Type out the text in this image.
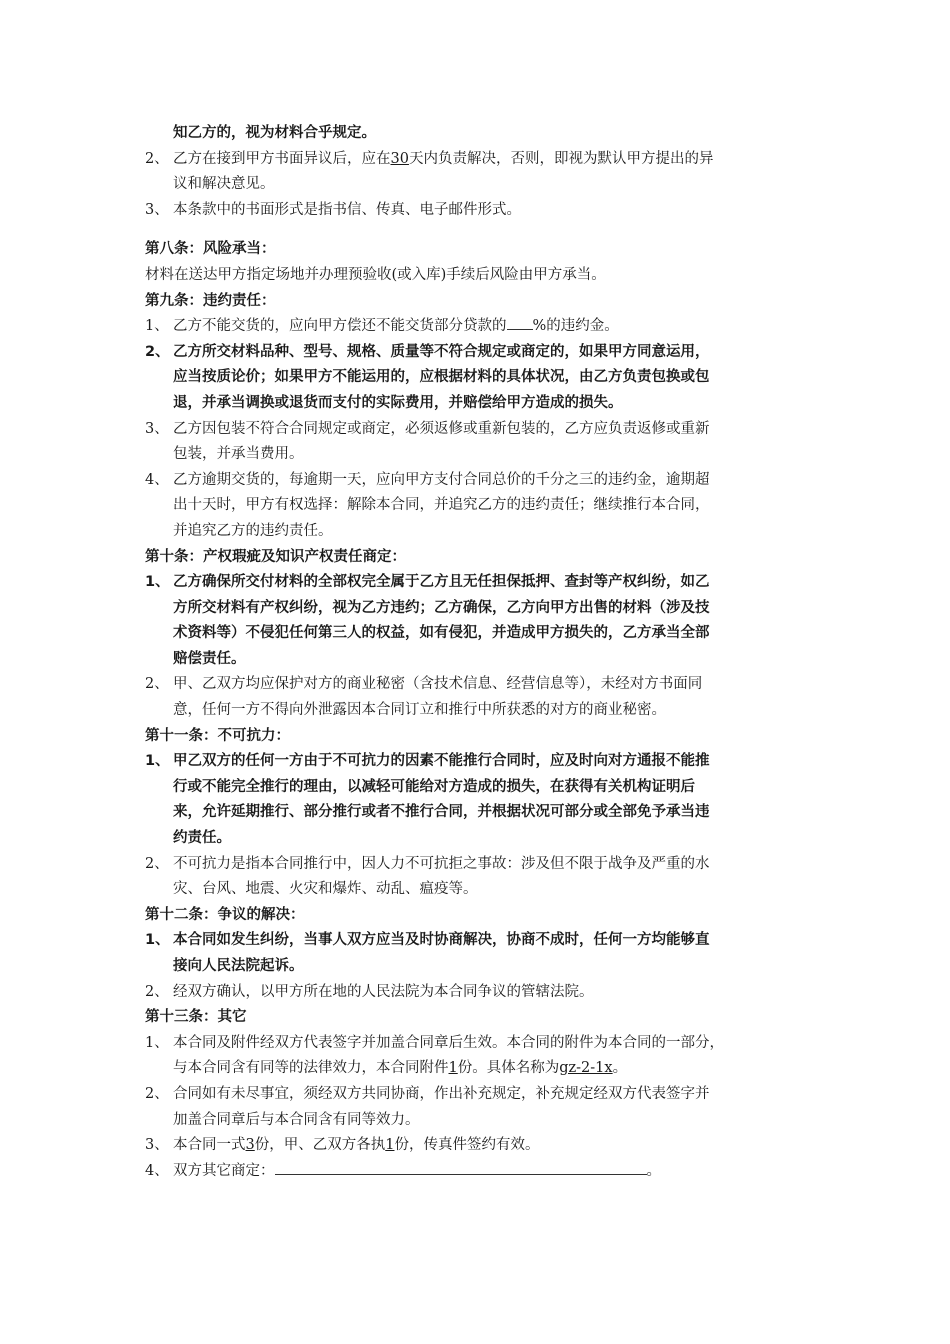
知乙方的，视为材料合乎规定。
2、 乙方在接到甲方书面异议后，应在30天内负责解决，否则，即视为默认甲方提出的异
议和解决意见。
3、 本条款中的书面形式是指书信、传真、电子邮件形式。
第八条：风险承当：
材料在送达甲方指定场地并办理预验收(或入库)手续后风险由甲方承当。
第九条：违约责任：
1、 乙方不能交货的，应向甲方偿还不能交货部分贷款的 %的违约金。
2、 乙方所交材料品种、型号、规格、质量等不符合规定或商定的，如果甲方同意运用，
应当按质论价；如果甲方不能运用的，应根据材料的具体状况，由乙方负责包换或包
退，并承当调换或退货而支付的实际费用，并赔偿给甲方造成的损失。
3、 乙方因包装不符合合同规定或商定，必须返修或重新包装的，乙方应负责返修或重新
包装，并承当费用。
4、 乙方逾期交货的，每逾期一天，应向甲方支付合同总价的千分之三的违约金，逾期超
出十天时，甲方有权选择：解除本合同，并追究乙方的违约责任；继续推行本合同，
并追究乙方的违约责任。
第十条：产权瑕疵及知识产权责任商定：
1、 乙方确保所交付材料的全部权完全属于乙方且无任担保抵押、查封等产权纠纷，如乙
方所交材料有产权纠纷，视为乙方违约；乙方确保，乙方向甲方出售的材料（涉及技
术资料等）不侵犯任何第三人的权益，如有侵犯，并造成甲方损失的，乙方承当全部
赔偿责任。
2、 甲、乙双方均应保护对方的商业秘密（含技术信息、经营信息等），未经对方书面同
意，任何一方不得向外泄露因本合同订立和推行中所获悉的对方的商业秘密。
第十一条：不可抗力：
1、 甲乙双方的任何一方由于不可抗力的因素不能推行合同时，应及时向对方通报不能推
行或不能完全推行的理由，以减轻可能给对方造成的损失，在获得有关机构证明后
来，允许延期推行、部分推行或者不推行合同，并根据状况可部分或全部免予承当违
约责任。
2、 不可抗力是指本合同推行中，因人力不可抗拒之事故：涉及但不限于战争及严重的水
灾、台风、地震、火灾和爆炸、动乱、瘟疫等。
第十二条：争议的解决：
1、 本合同如发生纠纷，当事人双方应当及时协商解决，协商不成时，任何一方均能够直
接向人民法院起诉。
2、 经双方确认，以甲方所在地的人民法院为本合同争议的管辖法院。
第十三条：其它
1、 本合同及附件经双方代表签字并加盖合同章后生效。本合同的附件为本合同的一部分，
与本合同含有同等的法律效力，本合同附件1份。具体名称为gz-2-1x。
2、 合同如有未尽事宜，须经双方共同协商，作出补充规定，补充规定经双方代表签字并
加盖合同章后与本合同含有同等效力。
3、 本合同一式3份，甲、乙双方各执1份，传真件签约有效。
4、 双方其它商定：	。
